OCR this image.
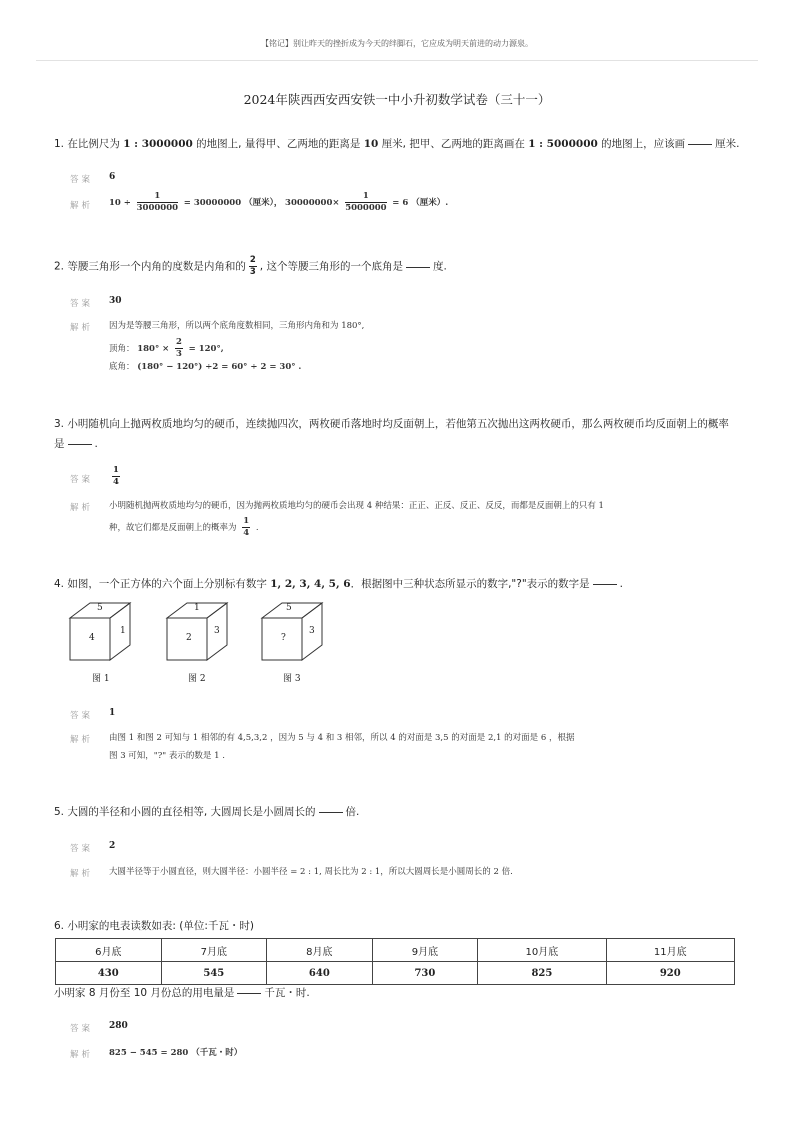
【铭记】别让昨天的挫折成为今天的绊脚石，它应成为明天前进的动力源泉。
2024年陕西西安西安铁一中小升初数学试卷（三十一）
1. 在比例尺为 1 : 3000000 的地图上, 量得甲、乙两地的距离是 10 厘米, 把甲、乙两地的距离画在 1 : 5000000 的地图上，应该画	厘米.
答案 6
解析 $10 \div \frac{1}{3000000} = 30000000$ （厘米）， $30000000\times \frac{1}{5000000} = 6$ （厘米）.
2. 等腰三角形一个内角的度数是内角和的 $\frac{2}{3}$ , 这个等腰三角形的一个底角是	度.
答案 30
解析 因为是等腰三角形，所以两个底角度数相同，三角形内角和为 180°,
顶角： $180^\circ \times \frac{2}{3} = 120^\circ$,
底角： (180° − 120°) ÷2 = 60° ÷ 2 = 30° .
3. 小明随机向上抛两枚质地均匀的硬币，连续抛四次，两枚硬币落地时均反面朝上，若他第五次抛出这两枚硬币，那么两枚硬币均反面朝上的概率
是	.
答案 $\frac{1}{4}$
解析 小明随机抛两枚质地均匀的硬币，因为抛两枚质地均匀的硬币会出现 4 种结果：正正、正反、反正、反反，而都是反面朝上的只有 1
种，故它们都是反面朝上的概率为 $\frac{1}{4}$ .
4. 如图，一个正方体的六个面上分别标有数字 1, 2, 3, 4, 5, 6．根据图中三种状态所显示的数字,"?"表示的数字是	.
5
4
1
图 1
1
2
3
图 2
5
?
3
图 3
答案 1
解析 由图 1 和图 2 可知与 1 相邻的有 4,5,3,2 ，因为 5 与 4 和 3 相邻，所以 4 的对面是 3,5 的对面是 2,1 的对面是 6 ，根据
图 3 可知，"?" 表示的数是 1 .
5. 大圆的半径和小圆的直径相等, 大圆周长是小圆周长的	倍.
答案 2
解析 大圆半径等于小圆直径，则大圆半径：小圆半径 = 2 : 1, 周长比为 2 : 1，所以大圆周长是小圆周长的 2 倍.
6. 小明家的电表读数如表: (单位:千瓦・时)
6月底	7月底	8月底	9月底	10月底	11月底
430	545	640	730	825	920
小明家 8 月份至 10 月份总的用电量是	千瓦・时.
答案 280
解析 825 − 545 = 280 （千瓦・时）
